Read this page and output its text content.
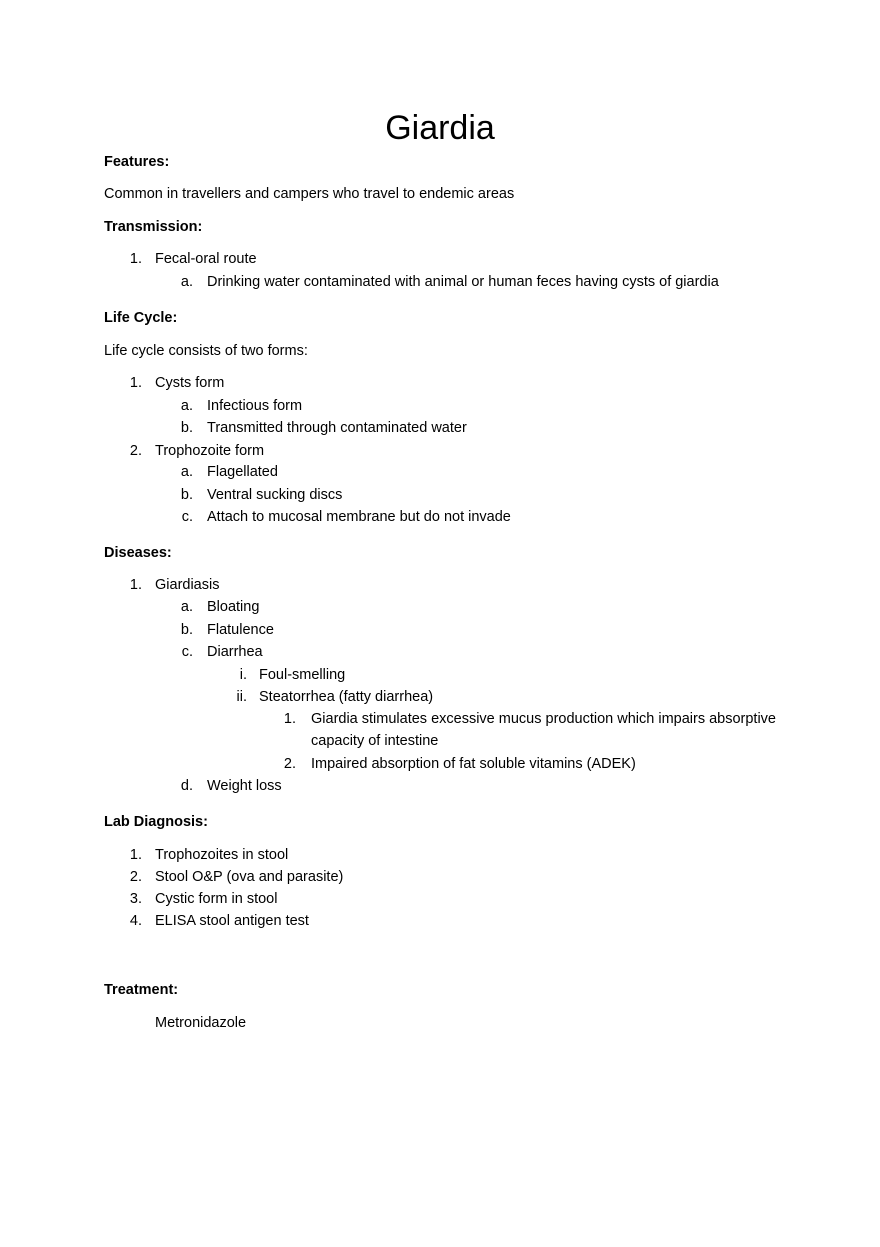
Giardia
Features:
Common in travellers and campers who travel to endemic areas
Transmission:
1. Fecal-oral route
a. Drinking water contaminated with animal or human feces having cysts of giardia
Life Cycle:
Life cycle consists of two forms:
1. Cysts form
a. Infectious form
b. Transmitted through contaminated water
2. Trophozoite form
a. Flagellated
b. Ventral sucking discs
c. Attach to mucosal membrane but do not invade
Diseases:
1. Giardiasis
a. Bloating
b. Flatulence
c. Diarrhea
i. Foul-smelling
ii. Steatorrhea (fatty diarrhea)
1. Giardia stimulates excessive mucus production which impairs absorptive
capacity of intestine
2. Impaired absorption of fat soluble vitamins (ADEK)
d. Weight loss
Lab Diagnosis:
1. Trophozoites in stool
2. Stool O&P (ova and parasite)
3. Cystic form in stool
4. ELISA stool antigen test
Treatment:
Metronidazole
